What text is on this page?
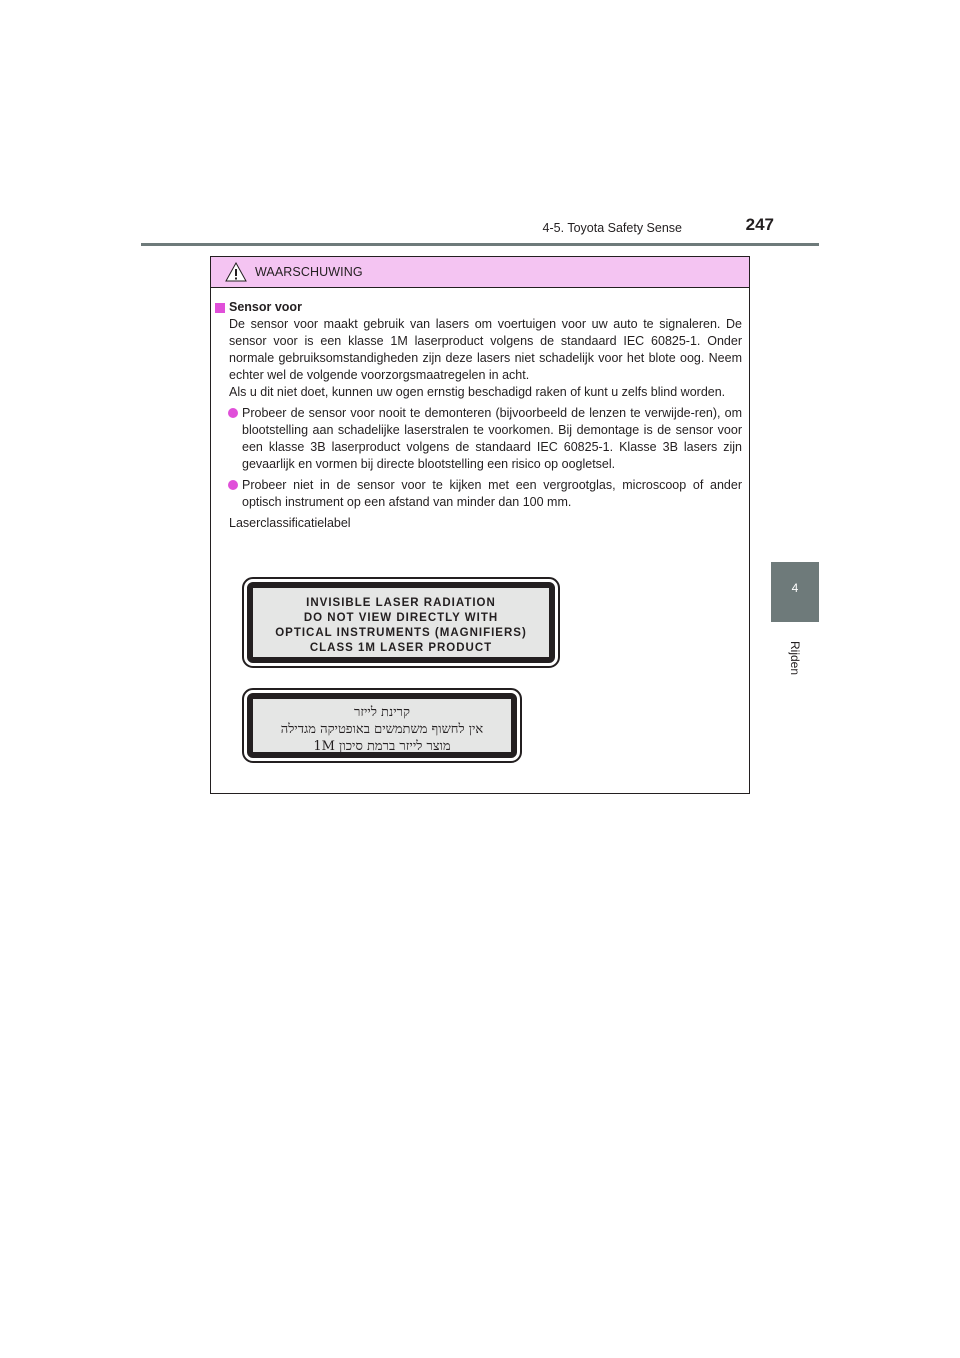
4-5. Toyota Safety Sense	247
4
Rijden
WAARSCHUWING
Sensor voor
De sensor voor maakt gebruik van lasers om voertuigen voor uw auto te signaleren. De sensor voor is een klasse 1M laserproduct volgens de standaard IEC 60825-1. Onder normale gebruiksomstandigheden zijn deze lasers niet schadelijk voor het blote oog. Neem echter wel de volgende voorzorgsmaatregelen in acht.
Als u dit niet doet, kunnen uw ogen ernstig beschadigd raken of kunt u zelfs blind worden.
Probeer de sensor voor nooit te demonteren (bijvoorbeeld de lenzen te verwijde-ren), om blootstelling aan schadelijke laserstralen te voorkomen. Bij demontage is de sensor voor een klasse 3B laserproduct volgens de standaard IEC 60825-1. Klasse 3B lasers zijn gevaarlijk en vormen bij directe blootstelling een risico op oogletsel.
Probeer niet in de sensor voor te kijken met een vergrootglas, microscoop of ander optisch instrument op een afstand van minder dan 100 mm.
Laserclassificatielabel
INVISIBLE LASER RADIATION
DO NOT VIEW DIRECTLY WITH
OPTICAL INSTRUMENTS (MAGNIFIERS)
CLASS 1M LASER PRODUCT
קרינת לייזר
אין לחשוף משתמשים באופטיקה מגדילה
מוצר לייזר ברמת סיכון 1M
